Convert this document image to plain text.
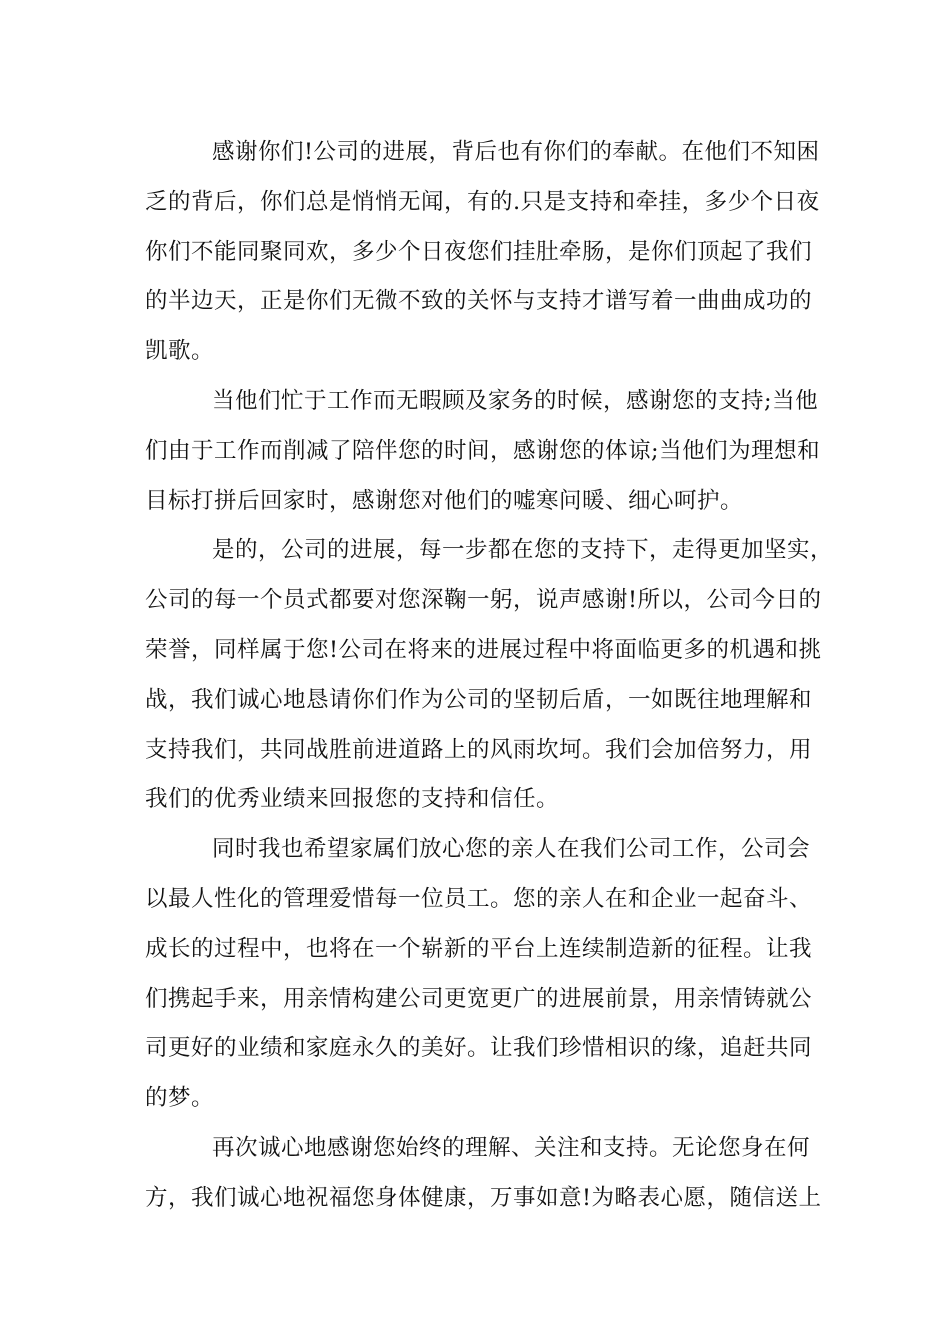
感谢你们!公司的进展，背后也有你们的奉献。在他们不知困
乏的背后，你们总是悄悄无闻，有的.只是支持和牵挂，多少个日夜
你们不能同聚同欢，多少个日夜您们挂肚牵肠，是你们顶起了我们
的半边天，正是你们无微不致的关怀与支持才谱写着一曲曲成功的
凯歌。

当他们忙于工作而无暇顾及家务的时候，感谢您的支持;当他
们由于工作而削减了陪伴您的时间，感谢您的体谅;当他们为理想和
目标打拼后回家时，感谢您对他们的嘘寒问暖、细心呵护。

是的，公司的进展，每一步都在您的支持下，走得更加坚实，
公司的每一个员式都要对您深鞠一躬，说声感谢!所以，公司今日的
荣誉，同样属于您!公司在将来的进展过程中将面临更多的机遇和挑
战，我们诚心地恳请你们作为公司的坚韧后盾，一如既往地理解和
支持我们，共同战胜前进道路上的风雨坎坷。我们会加倍努力，用
我们的优秀业绩来回报您的支持和信任。

同时我也希望家属们放心您的亲人在我们公司工作，公司会
以最人性化的管理爱惜每一位员工。您的亲人在和企业一起奋斗、
成长的过程中，也将在一个崭新的平台上连续制造新的征程。让我
们携起手来，用亲情构建公司更宽更广的进展前景，用亲情铸就公
司更好的业绩和家庭永久的美好。让我们珍惜相识的缘，追赶共同
的梦。

再次诚心地感谢您始终的理解、关注和支持。无论您身在何
方，我们诚心地祝福您身体健康，万事如意!为略表心愿，随信送上
